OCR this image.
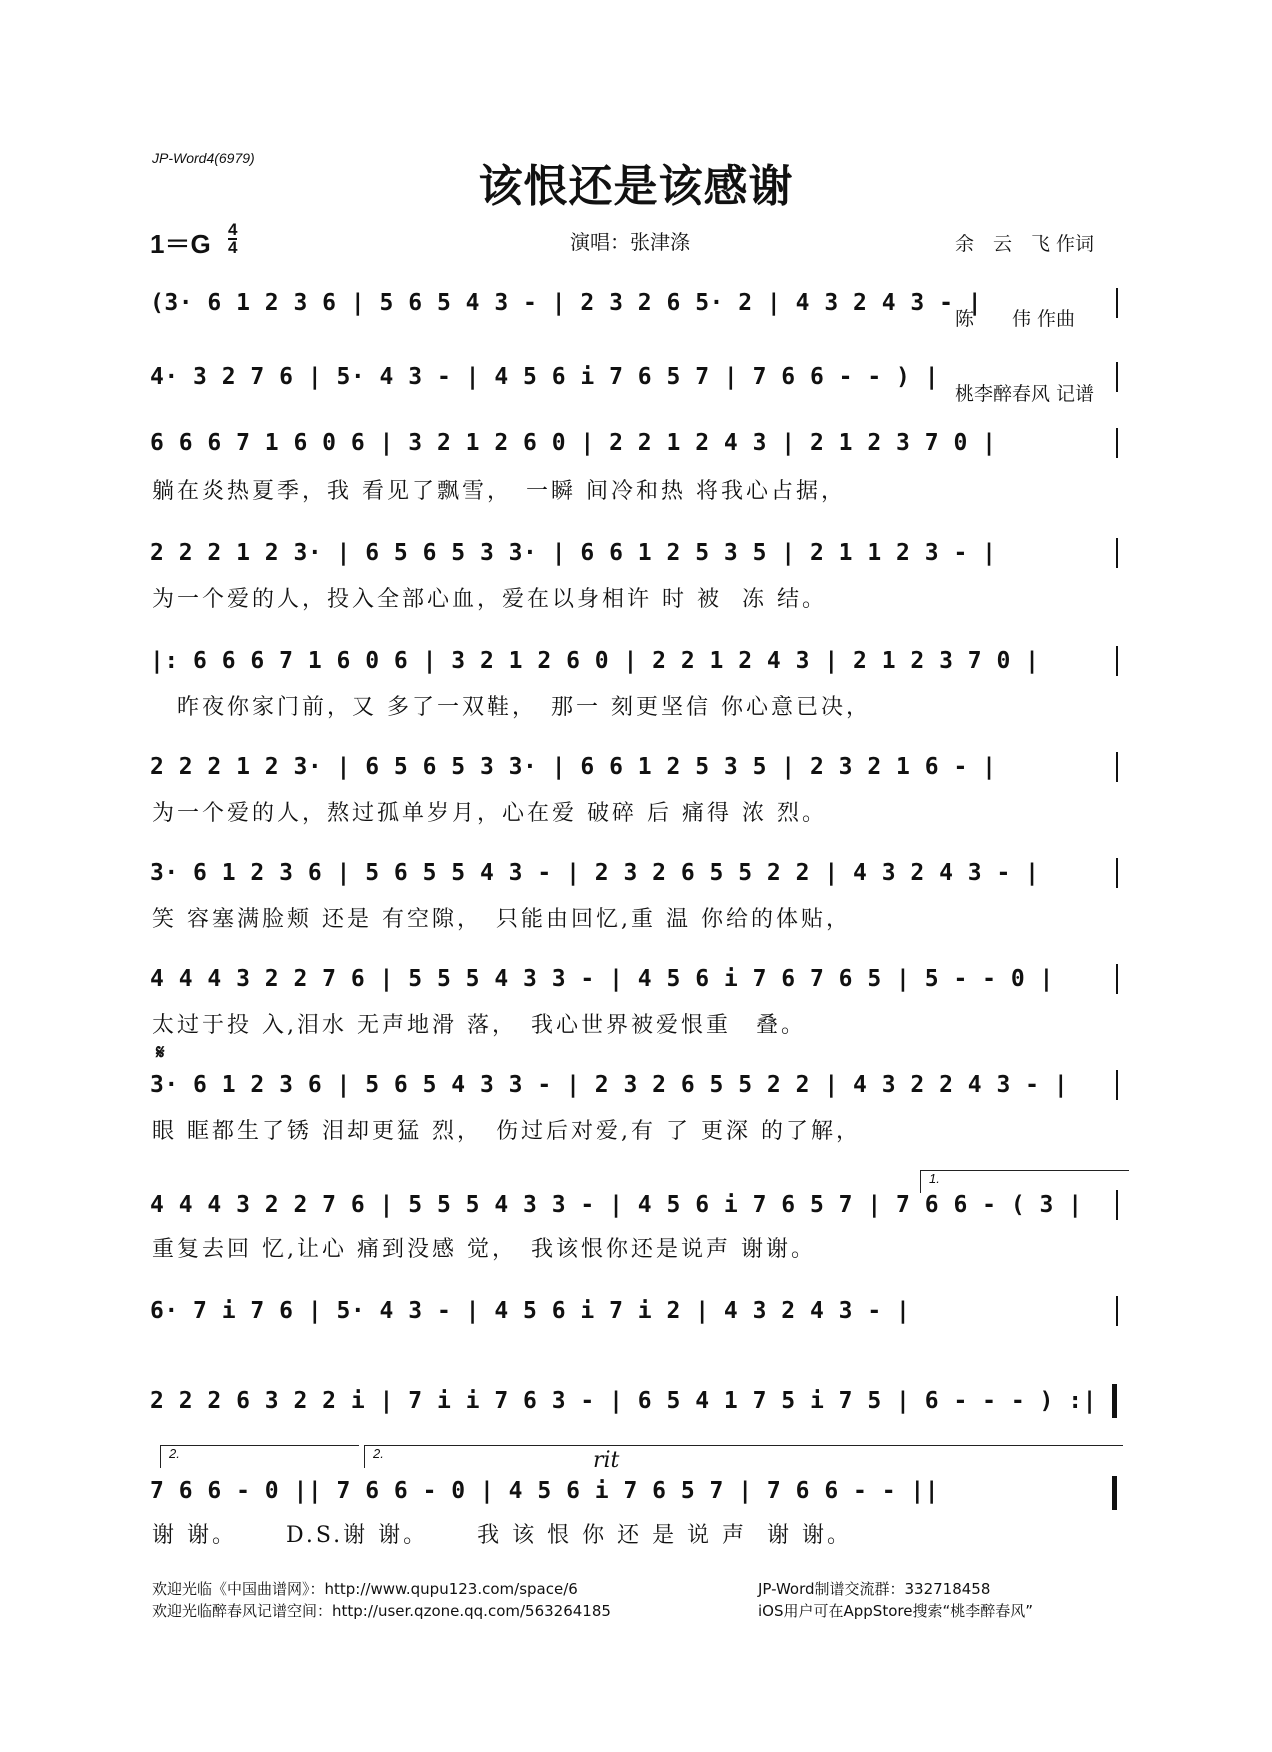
JP-Word4(6979)
该恨还是该感谢
1＝G 4
4	演唱：张津涤

	余　云　飞 作词

陈　　伟 作曲

桃李醉春风 记谱

𝄋
1.
2.	2.	rit
(3· 6 1 2 3 6 | 5 6 5 4 3 - | 2 3 2 6 5· 2 | 4 3 2 4 3 - |
4· 3 2 7 6 | 5· 4 3 - | 4 5 6 i 7 6 5 7 | 7 6 6 - - ) |
6 6 6 7 1 6 0 6 | 3 2 1 2 6 0 | 2 2 1 2 4 3 | 2 1 2 3 7 0 |
躺在炎热夏季，我 看见了飘雪，　一瞬 间冷和热 将我心占据，
2 2 2 1 2 3· | 6 5 6 5 3 3· | 6 6 1 2 5 3 5 | 2 1 1 2 3 - |
为一个爱的人，投入全部心血，爱在以身相许 时 被  冻 结。
|: 6 6 6 7 1 6 0 6 | 3 2 1 2 6 0 | 2 2 1 2 4 3 | 2 1 2 3 7 0 |
　昨夜你家门前，又 多了一双鞋，　那一 刻更坚信 你心意已决，
2 2 2 1 2 3· | 6 5 6 5 3 3· | 6 6 1 2 5 3 5 | 2 3 2 1 6 - |
为一个爱的人，熬过孤单岁月，心在爱 破碎 后 痛得 浓 烈。
3· 6 1 2 3 6 | 5 6 5 5 4 3 - | 2 3 2 6 5 5 2 2 | 4 3 2 4 3 - |
笑 容塞满脸颊 还是 有空隙，　只能由回忆,重 温 你给的体贴，
4 4 4 3 2 2 7 6 | 5 5 5 4 3 3 - | 4 5 6 i 7 6 7 6 5 | 5 - - 0 |
太过于投 入,泪水 无声地滑 落，　我心世界被爱恨重　叠。
3· 6 1 2 3 6 | 5 6 5 4 3 3 - | 2 3 2 6 5 5 2 2 | 4 3 2 2 4 3 - |
眼 眶都生了锈 泪却更猛 烈，　伤过后对爱,有 了 更深 的了解，
4 4 4 3 2 2 7 6 | 5 5 5 4 3 3 - | 4 5 6 i 7 6 5 7 | 7 6 6 - ( 3 |
重复去回 忆,让心 痛到没感 觉，　我该恨你还是说声 谢谢。
6· 7 i 7 6 | 5· 4 3 - | 4 5 6 i 7 i 2 | 4 3 2 4 3 - |
2 2 2 6 3 2 2 i | 7 i i 7 6 3 - | 6 5 4 1 7 5 i 7 5 | 6 - - - ) :|
7 6 6 - 0 || 7 6 6 - 0 | 4 5 6 i 7 6 5 7 | 7 6 6 - - ||
谢 谢。　　 D.S.谢 谢。　　 我 该 恨 你 还 是 说 声  谢 谢。
欢迎光临《中国曲谱网》：http://www.qupu123.com/space/6
欢迎光临醉春风记谱空间：http://user.qzone.qq.com/563264185
JP-Word制谱交流群：332718458
iOS用户可在AppStore搜索“桃李醉春风”
